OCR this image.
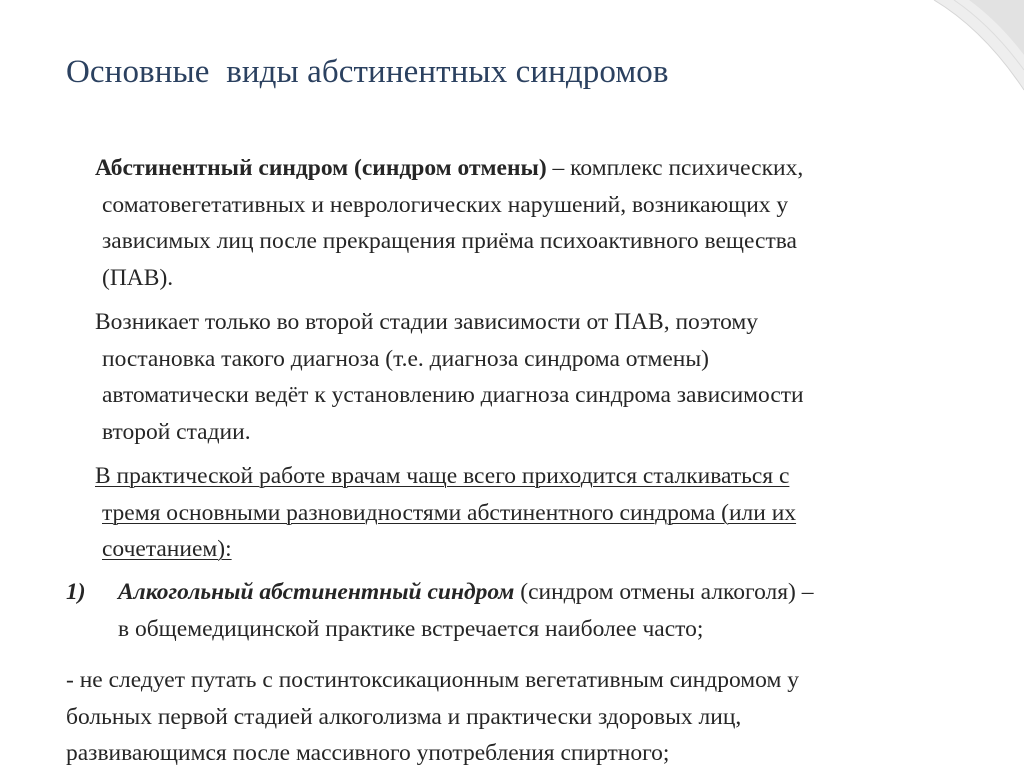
Основные  виды абстинентных синдромов
Абстинентный синдром (синдром отмены) – комплекс психических,
соматовегетативных и неврологических нарушений, возникающих у
зависимых лиц после прекращения приёма психоактивного вещества
(ПАВ).
Возникает только во второй стадии зависимости от ПАВ, поэтому
постановка такого диагноза (т.е. диагноза синдрома отмены)
автоматически ведёт к установлению диагноза синдрома зависимости
второй стадии.
В практической работе врачам чаще всего приходится сталкиваться с
тремя основными разновидностями абстинентного синдрома (или их
сочетанием):
1) Алкогольный абстинентный синдром (синдром отмены алкоголя) –
в общемедицинской практике встречается наиболее часто;
- не следует путать с постинтоксикационным вегетативным синдромом у
больных первой стадией алкоголизма и практически здоровых лиц,
развивающимся после массивного употребления спиртного;
